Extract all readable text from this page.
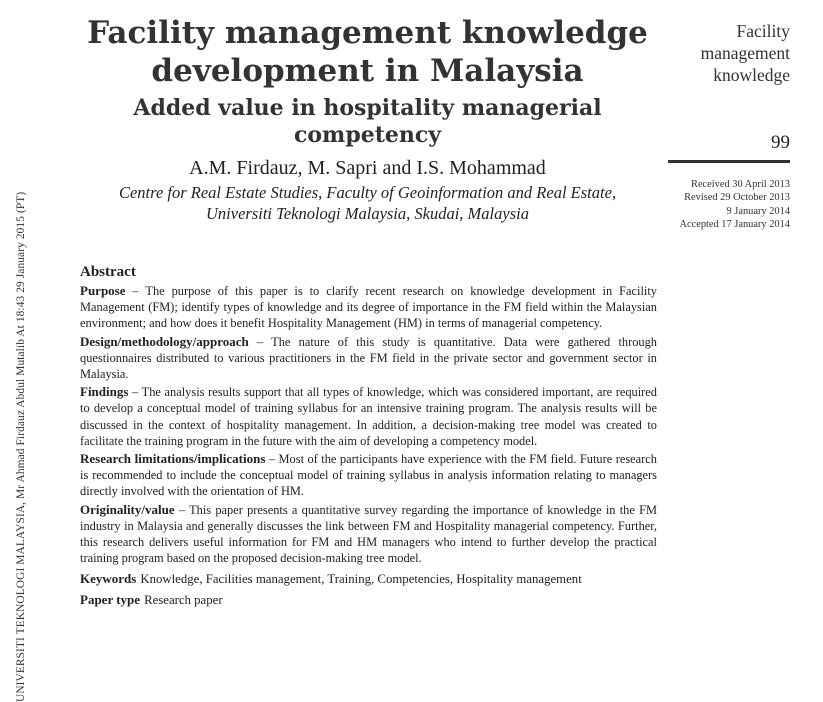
UNIVERSITI TEKNOLOGI MALAYSIA, Mr Ahmad Firdauz Abdul Mutalib At 18:43 29 January 2015 (PT)
Facility management knowledge
development in Malaysia
Added value in hospitality managerial
competency
A.M. Firdauz, M. Sapri and I.S. Mohammad
Centre for Real Estate Studies, Faculty of Geoinformation and Real Estate,
Universiti Teknologi Malaysia, Skudai, Malaysia
Facility
management
knowledge
99
Received 30 April 2013
Revised 29 October 2013
9 January 2014
Accepted 17 January 2014
Abstract

Purpose – The purpose of this paper is to clarify recent research on knowledge development in Facility Management (FM); identify types of knowledge and its degree of importance in the FM field within the Malaysian environment; and how does it benefit Hospitality Management (HM) in terms of managerial competency.

Design/methodology/approach – The nature of this study is quantitative. Data were gathered through questionnaires distributed to various practitioners in the FM field in the private sector and government sector in Malaysia.

Findings – The analysis results support that all types of knowledge, which was considered important, are required to develop a conceptual model of training syllabus for an intensive training program. The analysis results will be discussed in the context of hospitality management. In addition, a decision-making tree model was created to facilitate the training program in the future with the aim of developing a competency model.

Research limitations/implications – Most of the participants have experience with the FM field. Future research is recommended to include the conceptual model of training syllabus in analysis information relating to managers directly involved with the orientation of HM.

Originality/value – This paper presents a quantitative survey regarding the importance of knowledge in the FM industry in Malaysia and generally discusses the link between FM and Hospitality managerial competency. Further, this research delivers useful information for FM and HM managers who intend to further develop the practical training program based on the proposed decision-making tree model.

Keywords Knowledge, Facilities management, Training, Competencies, Hospitality management

Paper type Research paper
